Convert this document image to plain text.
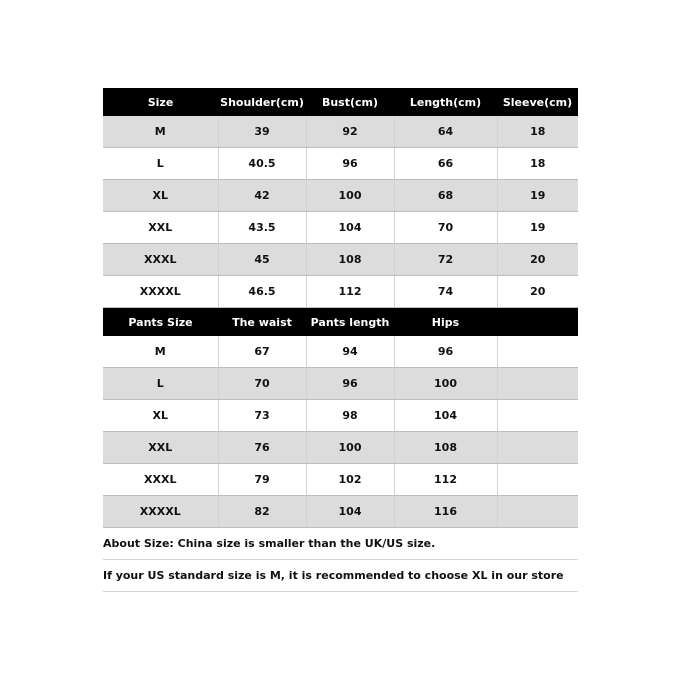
Size	Shoulder(cm)	Bust(cm)	Length(cm)	Sleeve(cm)
M	39	92	64	18
L	40.5	96	66	18
XL	42	100	68	19
XXL	43.5	104	70	19
XXXL	45	108	72	20
XXXXL	46.5	112	74	20
Pants Size	The waist	Pants length	Hips	
M	67	94	96	
L	70	96	100	
XL	73	98	104	
XXL	76	100	108	
XXXL	79	102	112	
XXXXL	82	104	116	
About Size: China size is smaller than the UK/US size.
If your US standard size is M, it is recommended to choose XL in our store
